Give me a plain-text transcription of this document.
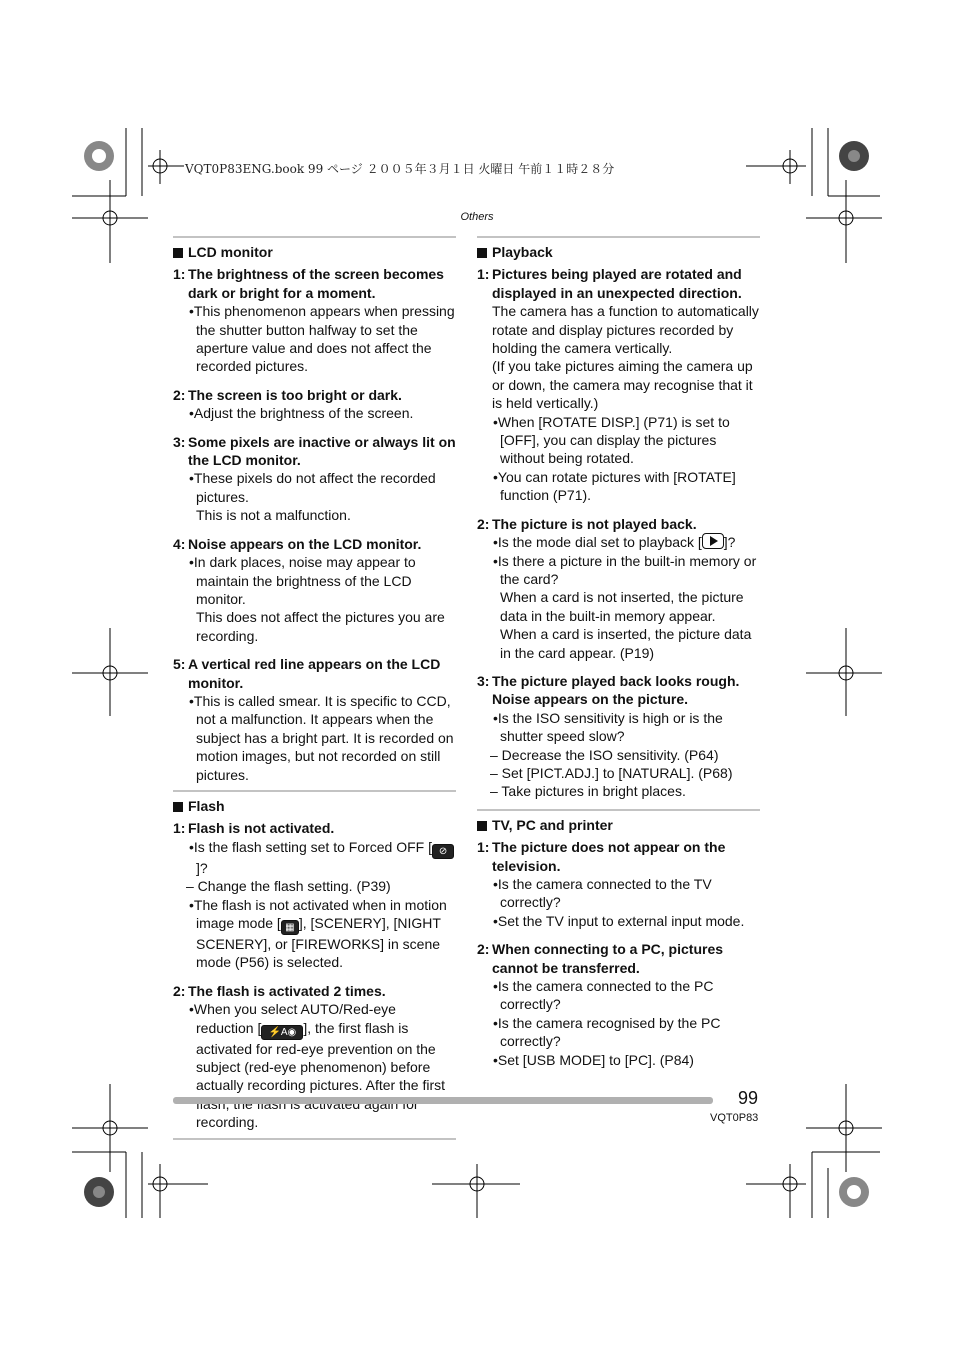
VQT0P83ENG.book 99 ページ ２００５年３月１日 火曜日 午前１１時２８分
Others
LCD monitor
1: The brightness of the screen becomes dark or bright for a moment.
•This phenomenon appears when pressing the shutter button halfway to set the aperture value and does not affect the recorded pictures.
2: The screen is too bright or dark.
•Adjust the brightness of the screen.
3: Some pixels are inactive or always lit on the LCD monitor.
•These pixels do not affect the recorded pictures.
This is not a malfunction.
4: Noise appears on the LCD monitor.
•In dark places, noise may appear to maintain the brightness of the LCD monitor.
This does not affect the pictures you are recording.
5: A vertical red line appears on the LCD monitor.
•This is called smear. It is specific to CCD, not a malfunction. It appears when the subject has a bright part. It is recorded on motion images, but not recorded on still pictures.
Flash
1: Flash is not activated.
•Is the flash setting set to Forced OFF [ ⊘]?
– Change the flash setting. (P39)
•The flash is not activated when in motion image mode [ ▦ ], [SCENERY], [NIGHT SCENERY], or [FIREWORKS] in scene mode (P56) is selected.
2: The flash is activated 2 times.
•When you select AUTO/Red-eye reduction [ ⚡A◉ ], the first flash is activated for red-eye prevention on the subject (red-eye phenomenon) before actually recording pictures. After the first recording.
Playback
1: Pictures being played are rotated and displayed in an unexpected direction.
The camera has a function to automatically rotate and display pictures recorded by holding the camera vertically.
(If you take pictures aiming the camera up or down, the camera may recognise that it is held vertically.)
•When [ROTATE DISP.] (P71) is set to [OFF], you can display the pictures without being rotated.
•You can rotate pictures with [ROTATE] function (P71).
2: The picture is not played back.
•Is the mode dial set to playback [ ]?
•Is there a picture in the built-in memory or the card?
When a card is not inserted, the picture data in the built-in memory appear.
When a card is inserted, the picture data in the card appear. (P19)
3: The picture played back looks rough. Noise appears on the picture.
•Is the ISO sensitivity is high or is the shutter speed slow?
– Decrease the ISO sensitivity. (P64)
– Set [PICT.ADJ.] to [NATURAL]. (P68)
– Take pictures in bright places.
TV, PC and printer
1: The picture does not appear on the television.
•Is the camera connected to the TV correctly?
•Set the TV input to external input mode.
2: When connecting to a PC, pictures cannot be transferred.
•Is the camera connected to the PC correctly?
•Is the camera recognised by the PC correctly?
•Set [USB MODE] to [PC]. (P84)
99
VQT0P83
